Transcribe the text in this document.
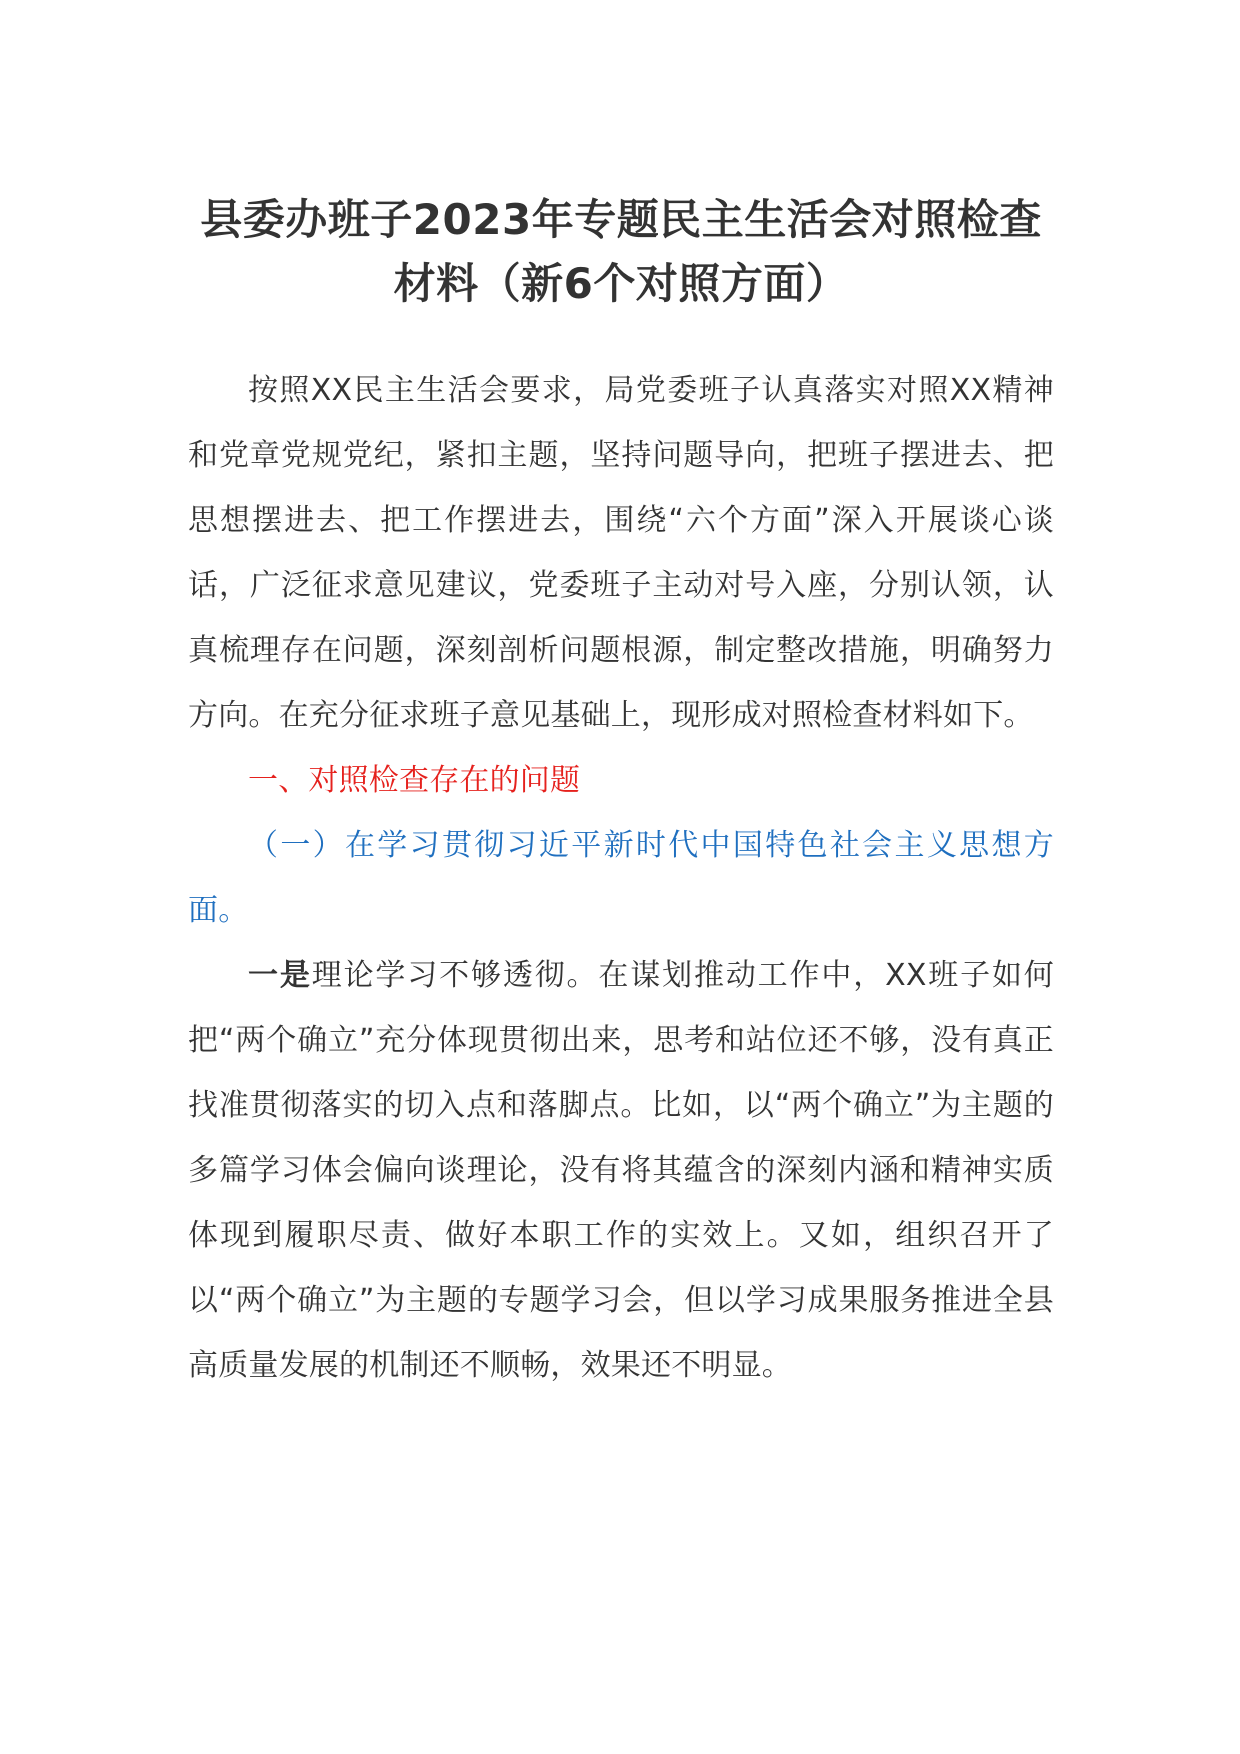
县委办班子2023年专题民主生活会对照检查材料（新6个对照方面）

按照XX民主生活会要求，局党委班子认真落实对照XX精神和党章党规党纪，紧扣主题，坚持问题导向，把班子摆进去、把思想摆进去、把工作摆进去，围绕“六个方面”深入开展谈心谈话，广泛征求意见建议，党委班子主动对号入座，分别认领，认真梳理存在问题，深刻剖析问题根源，制定整改措施，明确努力方向。在充分征求班子意见基础上，现形成对照检查材料如下。

一、对照检查存在的问题

（一）在学习贯彻习近平新时代中国特色社会主义思想方面。

一是理论学习不够透彻。在谋划推动工作中，XX班子如何把“两个确立”充分体现贯彻出来，思考和站位还不够，没有真正找准贯彻落实的切入点和落脚点。比如，以“两个确立”为主题的多篇学习体会偏向谈理论，没有将其蕴含的深刻内涵和精神实质体现到履职尽责、做好本职工作的实效上。又如，组织召开了以“两个确立”为主题的专题学习会，但以学习成果服务推进全县高质量发展的机制还不顺畅，效果还不明显。
